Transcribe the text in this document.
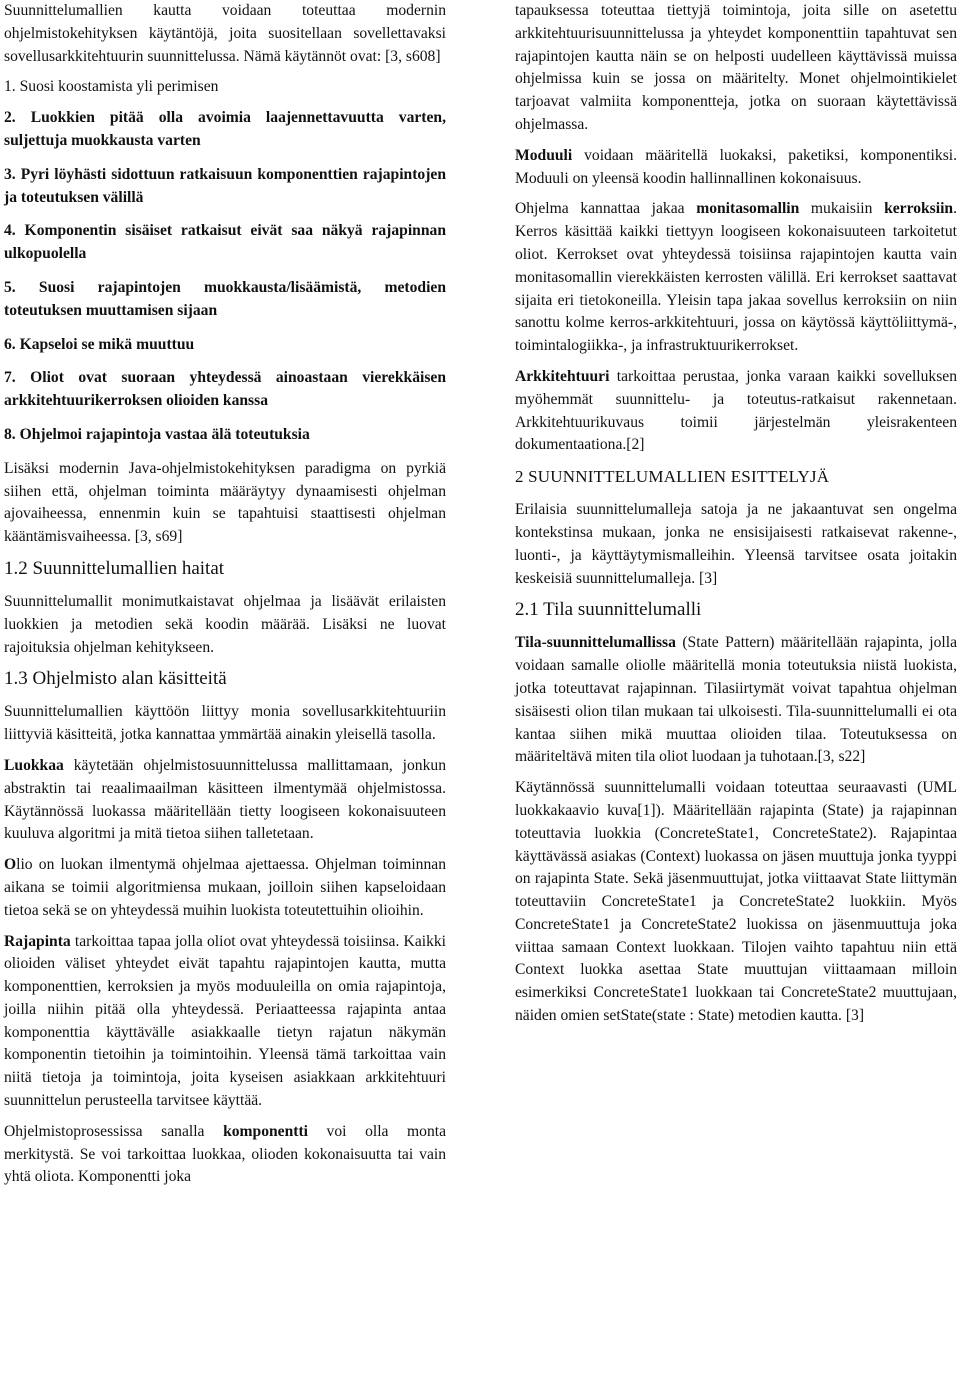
Suunnittelumallien kautta voidaan toteuttaa modernin ohjelmistokehityksen käytäntöjä, joita suositellaan sovellettavaksi sovellusarkkitehtuurin suunnittelussa. Nämä käytännöt ovat: [3, s608]

1. Suosi koostamista yli perimisen

2. Luokkien pitää olla avoimia laajennettavuutta varten, suljettuja muokkausta varten

3. Pyri löyhästi sidottuun ratkaisuun komponenttien rajapintojen ja toteutuksen välillä

4. Komponentin sisäiset ratkaisut eivät saa näkyä rajapinnan ulkopuolella

5. Suosi rajapintojen muokkausta/lisäämistä, metodien toteutuksen muuttamisen sijaan

6. Kapseloi se mikä muuttuu

7. Oliot ovat suoraan yhteydessä ainoastaan vierekkäisen arkkitehtuurikerroksen olioiden kanssa

8. Ohjelmoi rajapintoja vastaa älä toteutuksia

Lisäksi modernin Java-ohjelmistokehityksen paradigma on pyrkiä siihen että, ohjelman toiminta määräytyy dynaamisesti ohjelman ajovaiheessa, ennenmin kuin se tapahtuisi staattisesti ohjelman kääntämisvaiheessa. [3, s69]

1.2 Suunnittelumallien haitat

Suunnittelumallit monimutkaistavat ohjelmaa ja lisäävät erilaisten luokkien ja metodien sekä koodin määrää. Lisäksi ne luovat rajoituksia ohjelman kehitykseen.

1.3 Ohjelmisto alan käsitteitä

Suunnittelumallien käyttöön liittyy monia sovellusarkkitehtuuriin liittyviä käsitteitä, jotka kannattaa ymmärtää ainakin yleisellä tasolla.

Luokkaa käytetään ohjelmistosuunnittelussa mallittamaan, jonkun abstraktin tai reaalimaailman käsitteen ilmentymää ohjelmistossa. Käytännössä luokassa määritellään tietty loogiseen kokonaisuuteen kuuluva algoritmi ja mitä tietoa siihen talletetaan.

Olio on luokan ilmentymä ohjelmaa ajettaessa. Ohjelman toiminnan aikana se toimii algoritmiensa mukaan, joilloin siihen kapseloidaan tietoa sekä se on yhteydessä muihin luokista toteutettuihin olioihin.

Rajapinta tarkoittaa tapaa jolla oliot ovat yhteydessä toisiinsa. Kaikki olioiden väliset yhteydet eivät tapahtu rajapintojen kautta, mutta komponenttien, kerroksien ja myös moduuleilla on omia rajapintoja, joilla niihin pitää olla yhteydessä. Periaatteessa rajapinta antaa komponenttia käyttävälle asiakkaalle tietyn rajatun näkymän komponentin tietoihin ja toimintoihin. Yleensä tämä tarkoittaa vain niitä tietoja ja toimintoja, joita kyseisen asiakkaan arkkitehtuuri suunnittelun perusteella tarvitsee käyttää.

Ohjelmistoprosessissa sanalla komponentti voi olla monta merkitystä. Se voi tarkoittaa luokkaa, olioden kokonaisuutta tai vain yhtä oliota. Komponentti joka

tapauksessa toteuttaa tiettyjä toimintoja, joita sille on asetettu arkkitehtuurisuunnittelussa ja yhteydet komponenttiin tapahtuvat sen rajapintojen kautta näin se on helposti uudelleen käyttävissä muissa ohjelmissa kuin se jossa on määritelty. Monet ohjelmointikielet tarjoavat valmiita komponentteja, jotka on suoraan käytettävissä ohjelmassa.

Moduuli voidaan määritellä luokaksi, paketiksi, komponentiksi. Moduuli on yleensä koodin hallinnallinen kokonaisuus.

Ohjelma kannattaa jakaa monitasomallin mukaisiin kerroksiin. Kerros käsittää kaikki tiettyyn loogiseen kokonaisuuteen tarkoitetut oliot. Kerrokset ovat yhteydessä toisiinsa rajapintojen kautta vain monitasomallin vierekkäisten kerrosten välillä. Eri kerrokset saattavat sijaita eri tietokoneilla. Yleisin tapa jakaa sovellus kerroksiin on niin sanottu kolme kerros-arkkitehtuuri, jossa on käytössä käyttöliittymä-, toimintalogiikka-, ja infrastruktuurikerrokset.

Arkkitehtuuri tarkoittaa perustaa, jonka varaan kaikki sovelluksen myöhemmät suunnittelu- ja toteutus-ratkaisut rakennetaan. Arkkitehtuurikuvaus toimii järjestelmän yleisrakenteen dokumentaationa.[2]

2 SUUNNITTELUMALLIEN ESITTELYJÄ

Erilaisia suunnittelumalleja satoja ja ne jakaantuvat sen ongelma kontekstinsa mukaan, jonka ne ensisijaisesti ratkaisevat rakenne-, luonti-, ja käyttäytymismalleihin. Yleensä tarvitsee osata joitakin keskeisiä suunnittelumalleja. [3]

2.1 Tila suunnittelumalli

Tila-suunnittelumallissa (State Pattern) määritellään rajapinta, jolla voidaan samalle oliolle määritellä monia toteutuksia niistä luokista, jotka toteuttavat rajapinnan. Tilasiirtymät voivat tapahtua ohjelman sisäisesti olion tilan mukaan tai ulkoisesti. Tila-suunnittelumalli ei ota kantaa siihen mikä muuttaa olioiden tilaa. Toteutuksessa on määriteltävä miten tila oliot luodaan ja tuhotaan.[3, s22]

Käytännössä suunnittelumalli voidaan toteuttaa seuraavasti (UML luokkakaavio kuva[1]). Määritellään rajapinta (State) ja rajapinnan toteuttavia luokkia (ConcreteState1, ConcreteState2). Rajapintaa käyttävässä asiakas (Context) luokassa on jäsen muuttuja jonka tyyppi on rajapinta State. Sekä jäsenmuuttujat, jotka viittaavat State liittymän toteuttaviin ConcreteState1 ja ConcreteState2 luokkiin. Myös ConcreteState1 ja ConcreteState2 luokissa on jäsenmuuttuja joka viittaa samaan Context luokkaan. Tilojen vaihto tapahtuu niin että Context luokka asettaa State muuttujan viittaamaan milloin esimerkiksi ConcreteState1 luokkaan tai ConcreteState2 muuttujaan, näiden omien setState(state : State) metodien kautta. [3]
